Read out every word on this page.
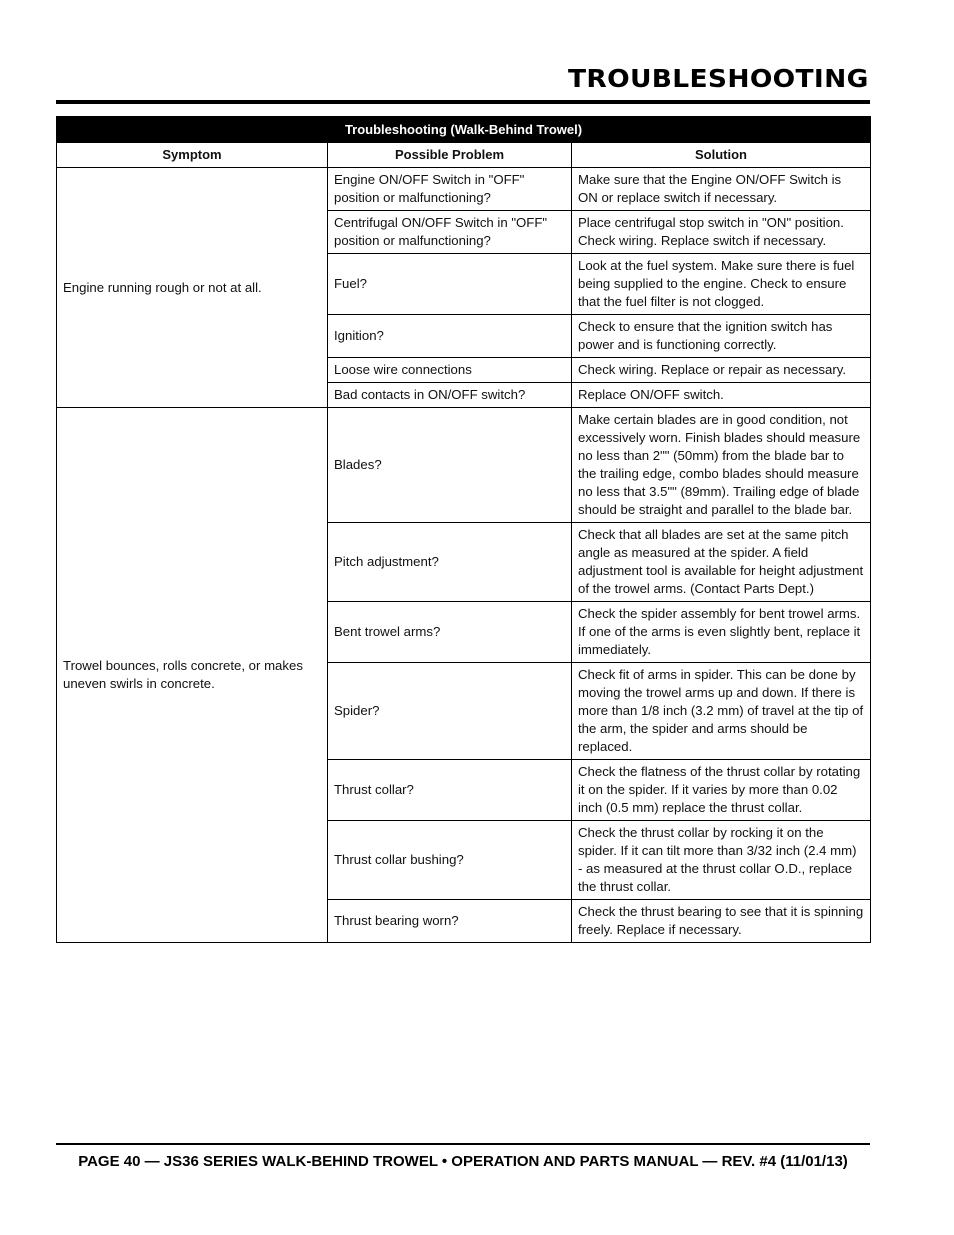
TROUBLESHOOTING
Troubleshooting (Walk-Behind Trowel)		
Symptom	Possible Problem	Solution
Engine running rough or not at all.	Engine ON/OFF Switch in "OFF" position or malfunctioning?	Make sure that the Engine ON/OFF Switch is ON or replace switch if necessary.
	Centrifugal ON/OFF Switch in "OFF" position or malfunctioning?	Place centrifugal stop switch in "ON" position. Check wiring. Replace switch if necessary.
	Fuel?	Look at the fuel system. Make sure there is fuel being supplied to the engine. Check to ensure that the fuel filter is not clogged.
	Ignition?	Check to ensure that the ignition switch has power and is functioning correctly.
	Loose wire connections	Check wiring. Replace or repair as necessary.
	Bad contacts in ON/OFF switch?	Replace ON/OFF switch.
Trowel bounces, rolls concrete, or makes uneven swirls in concrete.	Blades?	Make certain blades are in good condition, not excessively worn. Finish blades should measure no less than 2"" (50mm) from the blade bar to the trailing edge, combo blades should measure no less that 3.5"" (89mm). Trailing edge of blade should be straight and parallel to the blade bar.
	Pitch adjustment?	Check that all blades are set at the same pitch angle as measured at the spider. A field adjustment tool is available for height adjustment of the trowel arms. (Contact Parts Dept.)
	Bent trowel arms?	Check the spider assembly for bent trowel arms. If one of the arms is even slightly bent, replace it immediately.
	Spider?	Check fit of arms in spider. This can be done by moving the trowel arms up and down. If there is more than 1/8 inch (3.2 mm) of travel at the tip of the arm, the spider and arms should be replaced.
	Thrust collar?	Check the flatness of the thrust collar by rotating it on the spider. If it varies by more than 0.02 inch (0.5 mm) replace the thrust collar.
	Thrust collar bushing?	Check the thrust collar by rocking it on the spider. If it can tilt more than 3/32 inch (2.4 mm) - as measured at the thrust collar O.D., replace the thrust collar.
	Thrust bearing worn?	Check the thrust bearing to see that it is spinning freely. Replace if necessary.
PAGE 40 — JS36 SERIES WALK-BEHIND TROWEL • OPERATION AND PARTS MANUAL — REV. #4 (11/01/13)
